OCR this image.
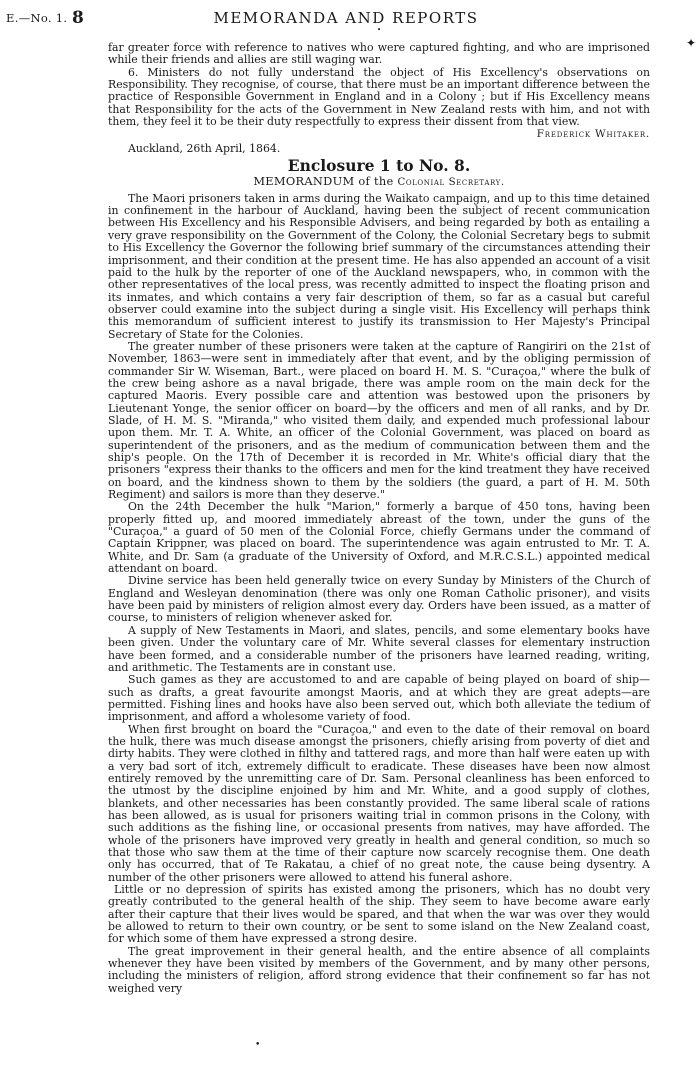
E.—No. 1. 8	MEMORANDA AND REPORTS
•
✦

far greater force with reference to natives who were captured fighting, and who are imprisoned while their friends and allies are still waging war.

6. Ministers do not fully understand the object of His Excellency's observations on Responsibility. They recognise, of course, that there must be an important difference between the practice of Responsible Government in England and in a Colony ; but if His Excellency means that Responsibility for the acts of the Government in New Zealand rests with him, and not with them, they feel it to be their duty respectfully to express their dissent from that view.

Frederick Whitaker.

Auckland, 26th April, 1864.

Enclosure 1 to No. 8.

MEMORANDUM of the Colonial Secretary.

The Maori prisoners taken in arms during the Waikato campaign, and up to this time detained in confinement in the harbour of Auckland, having been the subject of recent communication between His Excellency and his Responsible Advisers, and being regarded by both as entailing a very grave responsibility on the Government of the Colony, the Colonial Secretary begs to submit to His Excellency the Governor the following brief summary of the circumstances attending their imprisonment, and their condition at the present time. He has also appended an account of a visit paid to the hulk by the reporter of one of the Auckland newspapers, who, in common with the other representatives of the local press, was recently admitted to inspect the floating prison and its inmates, and which contains a very fair description of them, so far as a casual but careful observer could examine into the subject during a single visit. His Excellency will perhaps think this memorandum of sufficient interest to justify its transmission to Her Majesty's Principal Secretary of State for the Colonies.

The greater number of these prisoners were taken at the capture of Rangiriri on the 21st of November, 1863—were sent in immediately after that event, and by the obliging permission of commander Sir W. Wiseman, Bart., were placed on board H. M. S. "Curaçoa," where the bulk of the crew being ashore as a naval brigade, there was ample room on the main deck for the captured Maoris. Every possible care and attention was bestowed upon the prisoners by Lieutenant Yonge, the senior officer on board—by the officers and men of all ranks, and by Dr. Slade, of H. M. S. "Miranda," who visited them daily, and expended much professional labour upon them. Mr. T. A. White, an officer of the Colonial Government, was placed on board as superintendent of the prisoners, and as the medium of communication between them and the ship's people. On the 17th of December it is recorded in Mr. White's official diary that the prisoners "express their thanks to the officers and men for the kind treatment they have received on board, and the kindness shown to them by the soldiers (the guard, a part of H. M. 50th Regiment) and sailors is more than they deserve."

On the 24th December the hulk "Marion," formerly a barque of 450 tons, having been properly fitted up, and moored immediately abreast of the town, under the guns of the "Curaçoa," a guard of 50 men of the Colonial Force, chiefly Germans under the command of Captain Krippner, was placed on board. The superintendence was again entrusted to Mr. T. A. White, and Dr. Sam (a graduate of the University of Oxford, and M.R.C.S.L.) appointed medical attendant on board.

Divine service has been held generally twice on every Sunday by Ministers of the Church of England and Wesleyan denomination (there was only one Roman Catholic prisoner), and visits have been paid by ministers of religion almost every day. Orders have been issued, as a matter of course, to ministers of religion whenever asked for.

A supply of New Testaments in Maori, and slates, pencils, and some elementary books have been given. Under the voluntary care of Mr. White several classes for elementary instruction have been formed, and a considerable number of the prisoners have learned reading, writing, and arithmetic. The Testaments are in constant use.

Such games as they are accustomed to and are capable of being played on board of ship—such as drafts, a great favourite amongst Maoris, and at which they are great adepts—are permitted. Fishing lines and hooks have also been served out, which both alleviate the tedium of imprisonment, and afford a wholesome variety of food.

When first brought on board the "Curaçoa," and even to the date of their removal on board the hulk, there was much disease amongst the prisoners, chiefly arising from poverty of diet and dirty habits. They were clothed in filthy and tattered rags, and more than half were eaten up with a very bad sort of itch, extremely difficult to eradicate. These diseases have been now almost entirely removed by the unremitting care of Dr. Sam. Personal cleanliness has been enforced to the utmost by the discipline enjoined by him and Mr. White, and a good supply of clothes, blankets, and other necessaries has been constantly provided. The same liberal scale of rations has been allowed, as is usual for prisoners waiting trial in common prisons in the Colony, with such additions as the fishing line, or occasional presents from natives, may have afforded. The whole of the prisoners have improved very greatly in health and general condition, so much so that those who saw them at the time of their capture now scarcely recognise them. One death only has occurred, that of Te Rakatau, a chief of no great note, the cause being dysentry. A number of the other prisoners were allowed to attend his funeral ashore.

Little or no depression of spirits has existed among the prisoners, which has no doubt very greatly contributed to the general health of the ship. They seem to have become aware early after their capture that their lives would be spared, and that when the war was over they would be allowed to return to their own country, or be sent to some island on the New Zealand coast, for which some of them have expressed a strong desire.

The great improvement in their general health, and the entire absence of all complaints whenever they have been visited by members of the Government, and by many other persons, including the ministers of religion, afford strong evidence that their confinement so far has not weighed very

•
